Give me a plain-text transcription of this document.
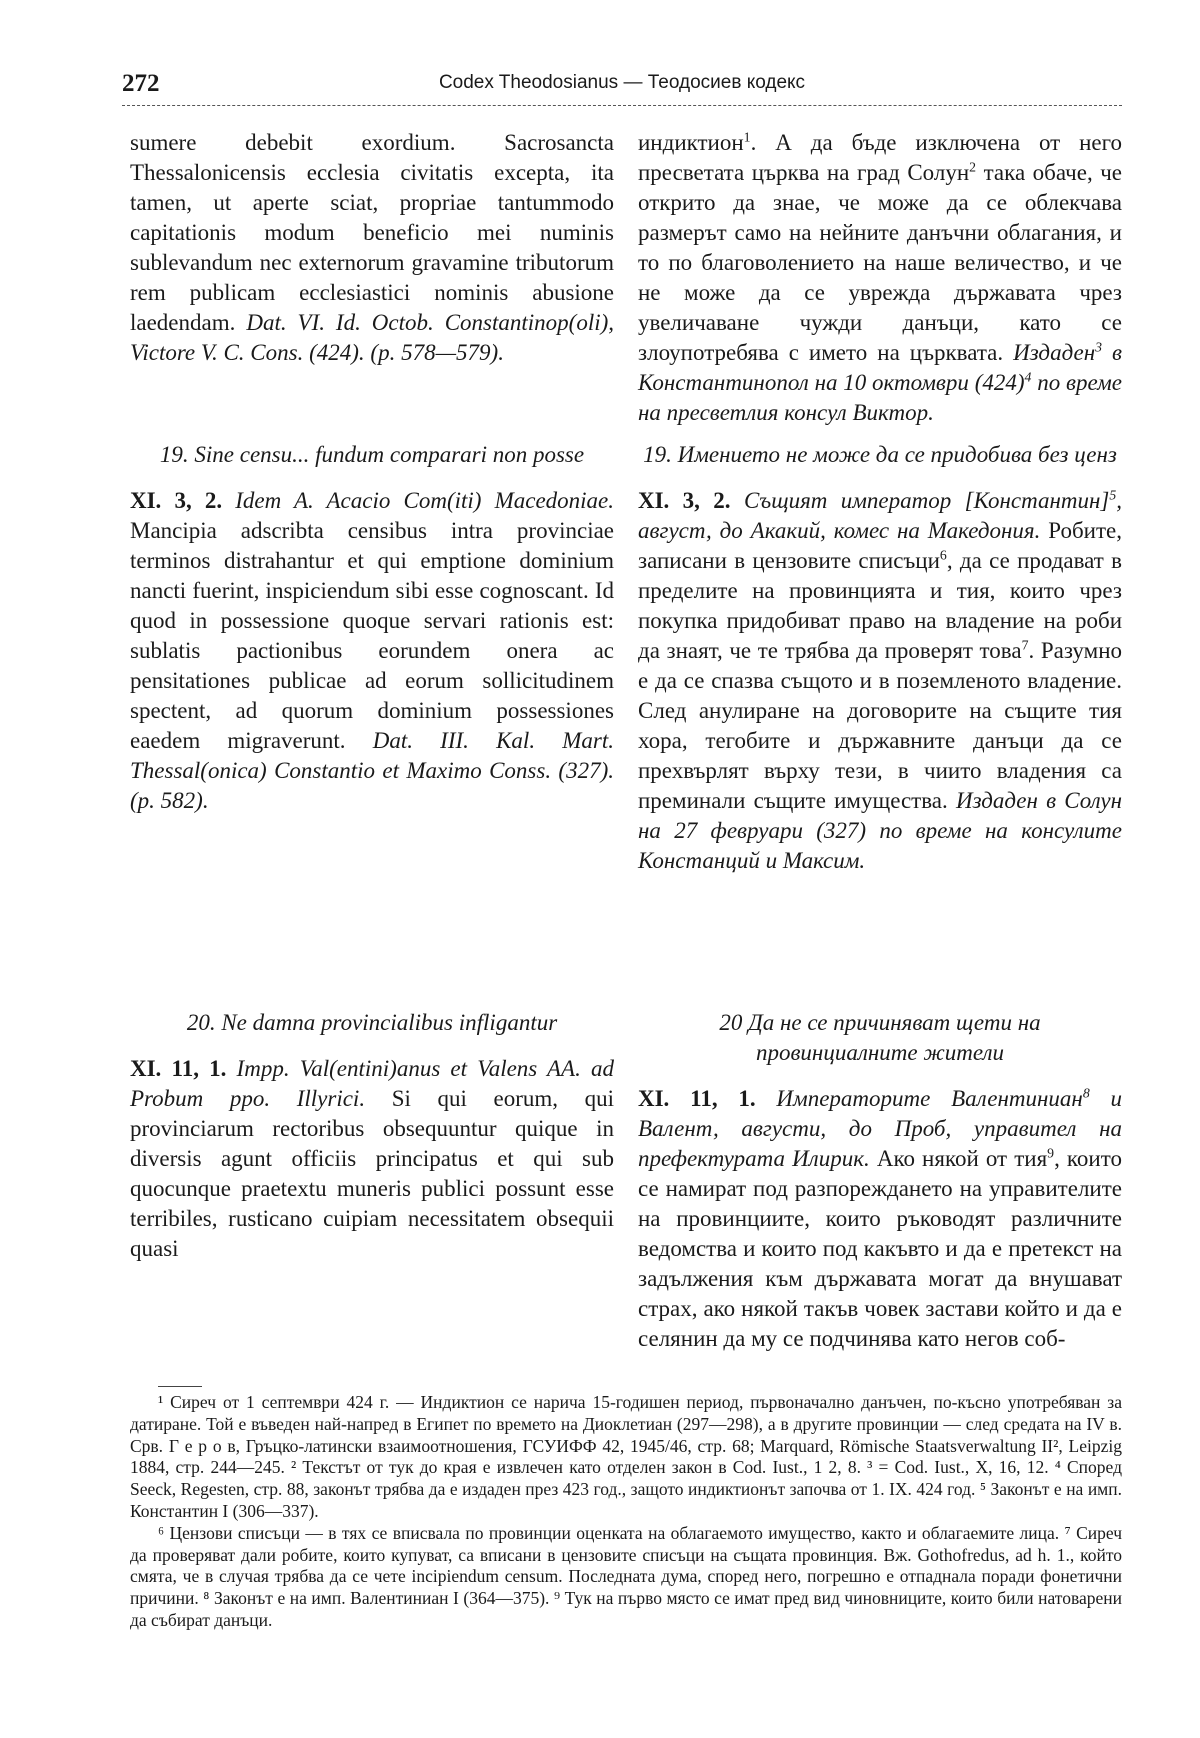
272	Codex Theodosianus — Теодосиев кодекс

sumere debebit exordium. Sacrosancta Thessalonicensis ecclesia civitatis excepta, ita tamen, ut aperte sciat, propriae tantummodo capitationis modum beneficio mei numinis sublevandum nec externorum gravamine tributorum rem publicam ecclesiastici nominis abusione laedendam. Dat. VI. Id. Octob. Constantinop(oli), Victore V. C. Cons. (424). (p. 578—579).

19. Sine censu... fundum comparari non posse

XI. 3, 2. Idem A. Acacio Com(iti) Macedoniae. Mancipia adscribta censibus intra provinciae terminos distrahantur et qui emptione dominium nancti fuerint, inspiciendum sibi esse cognoscant. Id quod in possessione quoque servari rationis est: sublatis pactionibus eorundem onera ac pensitationes publicae ad eorum sollicitudinem spectent, ad quorum dominium possessiones eaedem migraverunt. Dat. III. Kal. Mart. Thessal(onica) Constantio et Maximo Conss. (327). (p. 582).

20. Ne damna provincialibus infligantur

XI. 11, 1. Impp. Val(entini)anus et Valens AA. ad Probum ppo. Illyrici. Si qui eorum, qui provinciarum rectoribus obsequuntur quique in diversis agunt officiis principatus et qui sub quocunque praetextu muneris publici possunt esse terribiles, rusticano cuipiam necessitatem obsequii quasi

индиктион$^1$. А да бъде изключена от него пресветата църква на град Солун$^2$ така обаче, че открито да знае, че може да се облекчава размерът само на нейните данъчни облагания, и то по благоволението на наше величество, и че не може да се уврежда държавата чрез увеличаване чужди данъци, като се злоупотребява с името на църквата. Издаден$^3$ в Константинопол на 10 октомври $(424)^4$ по време на пресветлия консул Виктор.

19. Имението не може да се придобива без ценз

XI. 3, 2. Същият император [Константин]$^5$, август, до Акакий, комес на Македония. Робите, записани в цензовите списъци$^6$, да се продават в пределите на провинцията и тия, които чрез покупка придобиват право на владение на роби да знаят, че те трябва да проверят това$^7$. Разумно е да се спазва същото и в поземленото владение. След анулиране на договорите на същите тия хора, тегобите и държавните данъци да се прехвърлят върху тези, в чиито владения са преминали същите имущества. Издаден в Солун на 27 февруари (327) по време на консулите Констанций и Максим.

20 Да не се причиняват щети на провинциалните жители

XI. 11, 1. Императорите Валентиниан$^8$ и Валент, августи, до Проб, управител на префектурата Илирик. Ако някой от тия$^9$, които се намират под разпореждането на управителите на провинциите, които ръководят различните ведомства и които под какъвто и да е претекст на задължения към държавата могат да внушават страх, ако някой такъв човек застави който и да е селянин да му се подчинява като негов соб-

¹ Сиреч от 1 септември 424 г. — Индиктион се нарича 15-годишен период, първоначално данъчен, по-късно употребяван за датиране. Той е въведен най-напред в Египет по времето на Диоклетиан (297—298), а в другите провинции — след средата на IV в. Срв. Г е р о в, Гръцко-латински взаимоотношения, ГСУИФФ 42, 1945/46, стр. 68; Marquard, Römische Staatsverwaltung II², Leipzig 1884, стр. 244—245. ² Текстът от тук до края е извлечен като отделен закон в Cod. Iust., 1 2, 8. ³ = Cod. Iust., X, 16, 12. ⁴ Според Seeck, Regesten, стр. 88, законът трябва да е издаден през 423 год., защото индиктионът започва от 1. IX. 424 год. ⁵ Законът е на имп. Константин I (306—337).

⁶ Цензови списъци — в тях се вписвала по провинции оценката на облагаемото имущество, както и облагаемите лица. ⁷ Сиреч да проверяват дали робите, които купуват, са вписани в цензовите списъци на същата провинция. Вж. Gothofredus, ad h. 1., който смята, че в случая трябва да се чете incipiendum censum. Последната дума, според него, погрешно е отпаднала поради фонетични причини. ⁸ Законът е на имп. Валентиниан I (364—375). ⁹ Тук на първо място се имат пред вид чиновниците, които били натоварени да събират данъци.
